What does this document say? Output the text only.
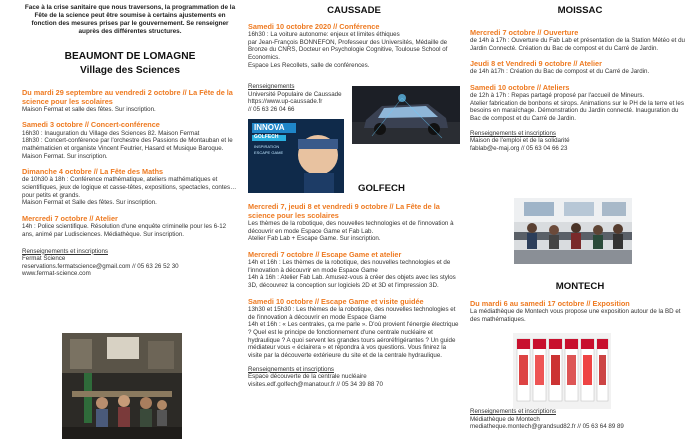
Face à la crise sanitaire que nous traversons, la programmation de la Fête de la science peut être soumise à certains ajustements en fonction des mesures prises par le gouvernement. Se renseigner auprès des différentes structures.
BEAUMONT DE LOMAGNE
Village des Sciences
Du mardi 29 septembre au vendredi 2 octobre // La Fête de la science pour les scolaires
Maison Fermat et salle des fêtes. Sur inscription.
Samedi 3 octobre // Concert-conférence
16h30 : Inauguration du Village des Sciences 82. Maison Fermat
18h30 : Concert-conférence par l'orchestre des Passions de Montauban et le mathématicien et organiste Vincent Feutrier, Hasard et Musique Baroque. Maison Fermat. Sur inscription.
Dimanche 4 octobre // La Fête des Maths
de 10h30 à 18h : Conférence mathématique, ateliers mathématiques et scientifiques, jeux de logique et casse-têtes, expositions, spectacles, contes… pour petits et grands.
Maison Fermat et Salle des fêtes. Sur inscription.
Mercredi 7 octobre // Atelier
14h : Police scientifique. Résolution d'une enquête criminelle pour les 6-12 ans, animé par Ludisciences. Médiathèque. Sur inscription.
Renseignements et inscriptions
Fermat Science
reservations.fermatscience@gmail.com // 05 63 26 52 30
www.fermat-science.com
CAUSSADE
Samedi 10 octobre 2020 // Conférence
16h30 : La voiture autonome: enjeux et limites éthiques
par Jean-François BONNEFON, Professeur des Universités, Médaille de Bronze du CNRS, Docteur en Psychologie Cognitive, Toulouse School of Economics.
Espace Les Recollets, salle de conférences.
Renseignements
Université Populaire de Caussade
https://www.up-caussade.fr
// 05 63 26 04 66
INNOVA
GOLFECH
INSPIRATION
ESCAPE GAME
GOLFECH
Mercredi 7, jeudi 8 et vendredi 9 octobre // La Fête de la science pour les scolaires
Les thèmes de la robotique, des nouvelles technologies et de l'innovation à découvrir en mode Espace Game et Fab Lab.
Atelier Fab Lab + Escape Game. Sur inscription.
Mercredi 7 octobre // Escape Game et atelier
14h et 16h : Les thèmes de la robotique, des nouvelles technologies et de l'innovation à découvrir en mode Espace Game
14h à 16h : Atelier Fab Lab. Amusez-vous à créer des objets avec les stylos 3D, découvrez la conception sur logiciels 2D et 3D et l'impression 3D.
Samedi 10 octobre // Escape Game et visite guidée
13h30 et 15h30 : Les thèmes de la robotique, des nouvelles technologies et de l'innovation à découvrir en mode Espace Game
14h et 16h : « Les centrales, ça me parle ». D'où provient l'énergie électrique ? Quel est le principe de fonctionnement d'une centrale nucléaire et hydraulique ? A quoi servent les grandes tours aéroréfrigérantes ? Un guide médiateur vous « éclairera » et répondra à vos questions. Vous finirez la visite par la découverte extérieure du site et de la centrale hydraulique.
Renseignements et inscriptions
Espace découverte de la centrale nucléaire
visites.edf.golfech@manatour.fr // 05 34 39 88 70
MOISSAC
Mercredi 7 octobre // Ouverture
de 14h à 17h : Ouverture du Fab Lab et présentation de la Station Météo et du Jardin Connecté. Création du Bac de compost et du Carré de Jardin.
Jeudi 8 et Vendredi 9 octobre // Atelier
de 14h à17h : Création du Bac de compost et du Carré de Jardin.
Samedi 10 octobre // Ateliers
de 12h à 17h : Repas partagé proposé par l'accueil de Mineurs.
Atelier fabrication de bonbons et sirops. Animations sur le PH de la terre et les besoins en maraîchage. Démonstration du Jardin connecté. Inauguration du Bac de compost et du Carré de Jardin.
Renseignements et inscriptions
Maison de l'emploi et de la solidarité
fablab@e-maj.org // 05 63 04 66 23
MONTECH
Du mardi 6 au samedi 17 octobre // Exposition
La médiathèque de Montech vous propose une exposition autour de la BD et des mathématiques.
Renseignements et inscriptions
Médiathèque de Montech
mediatheque.montech@grandsud82.fr // 05 63 64 89 89
